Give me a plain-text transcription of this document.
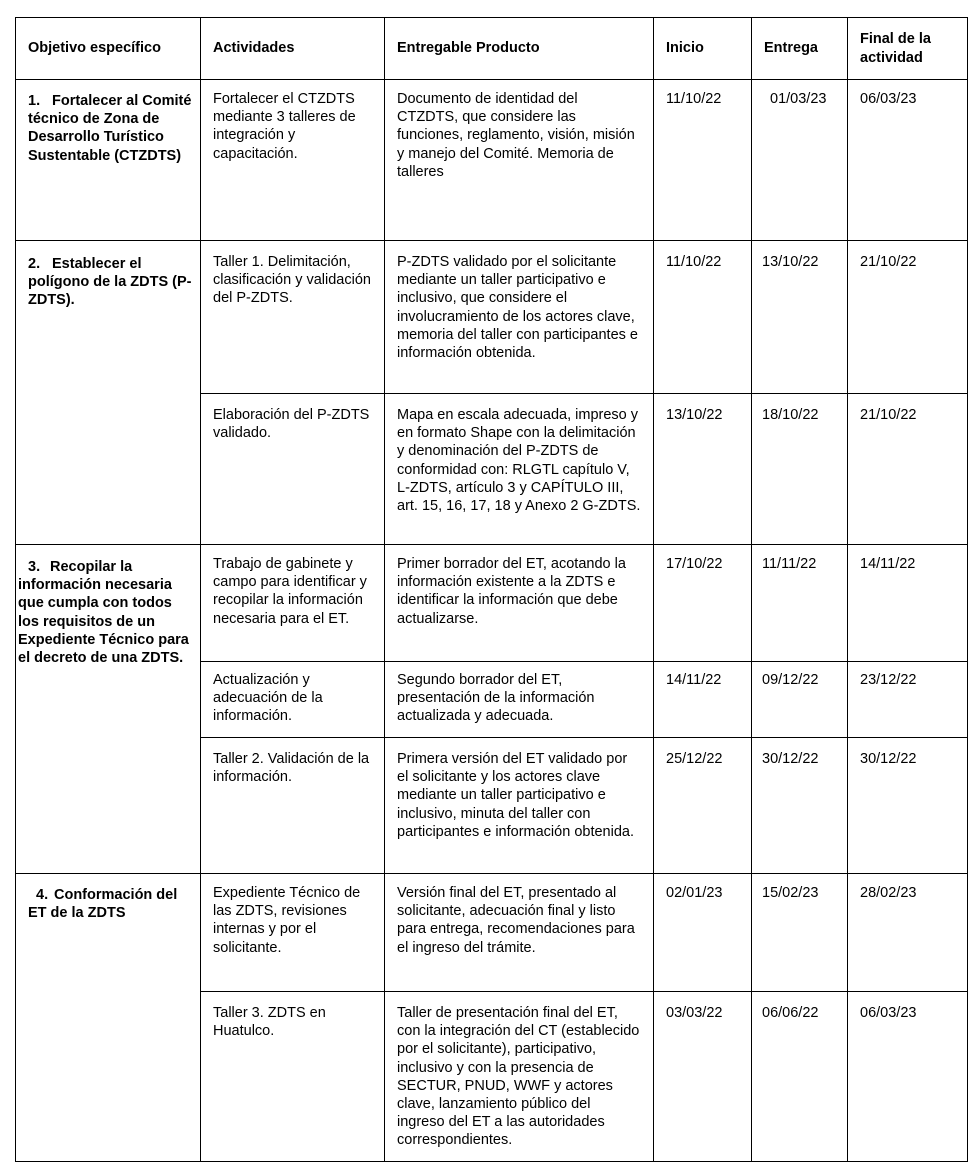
Objetivo específico	Actividades	Entregable Producto	Inicio	Entrega	Final de la actividad

1. Fortalecer al Comité técnico de Zona de Desarrollo Turístico Sustentable (CTZDTS)	Fortalecer el CTZDTS mediante 3 talleres de integración y capacitación.	Documento de identidad del CTZDTS, que considere las funciones, reglamento, visión, misión y manejo del Comité. Memoria de talleres	11/10/22	01/03/23	06/03/23

2. Establecer el polígono de la ZDTS (P-ZDTS).	Taller 1. Delimitación, clasificación y validación del P-ZDTS.	P-ZDTS validado por el solicitante mediante un taller participativo e inclusivo, que considere el involucramiento de los actores clave, memoria del taller con participantes e información obtenida.	11/10/22	13/10/22	21/10/22

	Elaboración del P-ZDTS validado.	Mapa en escala adecuada, impreso y en formato Shape con la delimitación y denominación del P-ZDTS de conformidad con: RLGTL capítulo V, L-ZDTS, artículo 3 y CAPÍTULO III, art. 15, 16, 17, 18 y Anexo 2 G-ZDTS.	13/10/22	18/10/22	21/10/22

3. Recopilar la información necesaria que cumpla con todos los requisitos de un Expediente Técnico para el decreto de una ZDTS.	Trabajo de gabinete y campo para identificar y recopilar la información necesaria para el ET.	Primer borrador del ET, acotando la información existente a la ZDTS e identificar la información que debe actualizarse.	17/10/22	11/11/22	14/11/22

	Actualización y adecuación de la información.	Segundo borrador del ET, presentación de la información actualizada y adecuada.	14/11/22	09/12/22	23/12/22

	Taller 2. Validación de la información.	Primera versión del ET validado por el solicitante y los actores clave mediante un taller participativo e inclusivo, minuta del taller con participantes e información obtenida.	25/12/22	30/12/22	30/12/22

4. Conformación del ET de la ZDTS	Expediente Técnico de las ZDTS, revisiones internas y por el solicitante.	Versión final del ET, presentado al solicitante, adecuación final y listo para entrega, recomendaciones para el ingreso del trámite.	02/01/23	15/02/23	28/02/23

	Taller 3. ZDTS en Huatulco.	Taller de presentación final del ET, con la integración del CT (establecido por el solicitante), participativo, inclusivo y con la presencia de SECTUR, PNUD, WWF y actores clave, lanzamiento público del ingreso del ET a las autoridades correspondientes.	03/03/22	06/06/22	06/03/23
